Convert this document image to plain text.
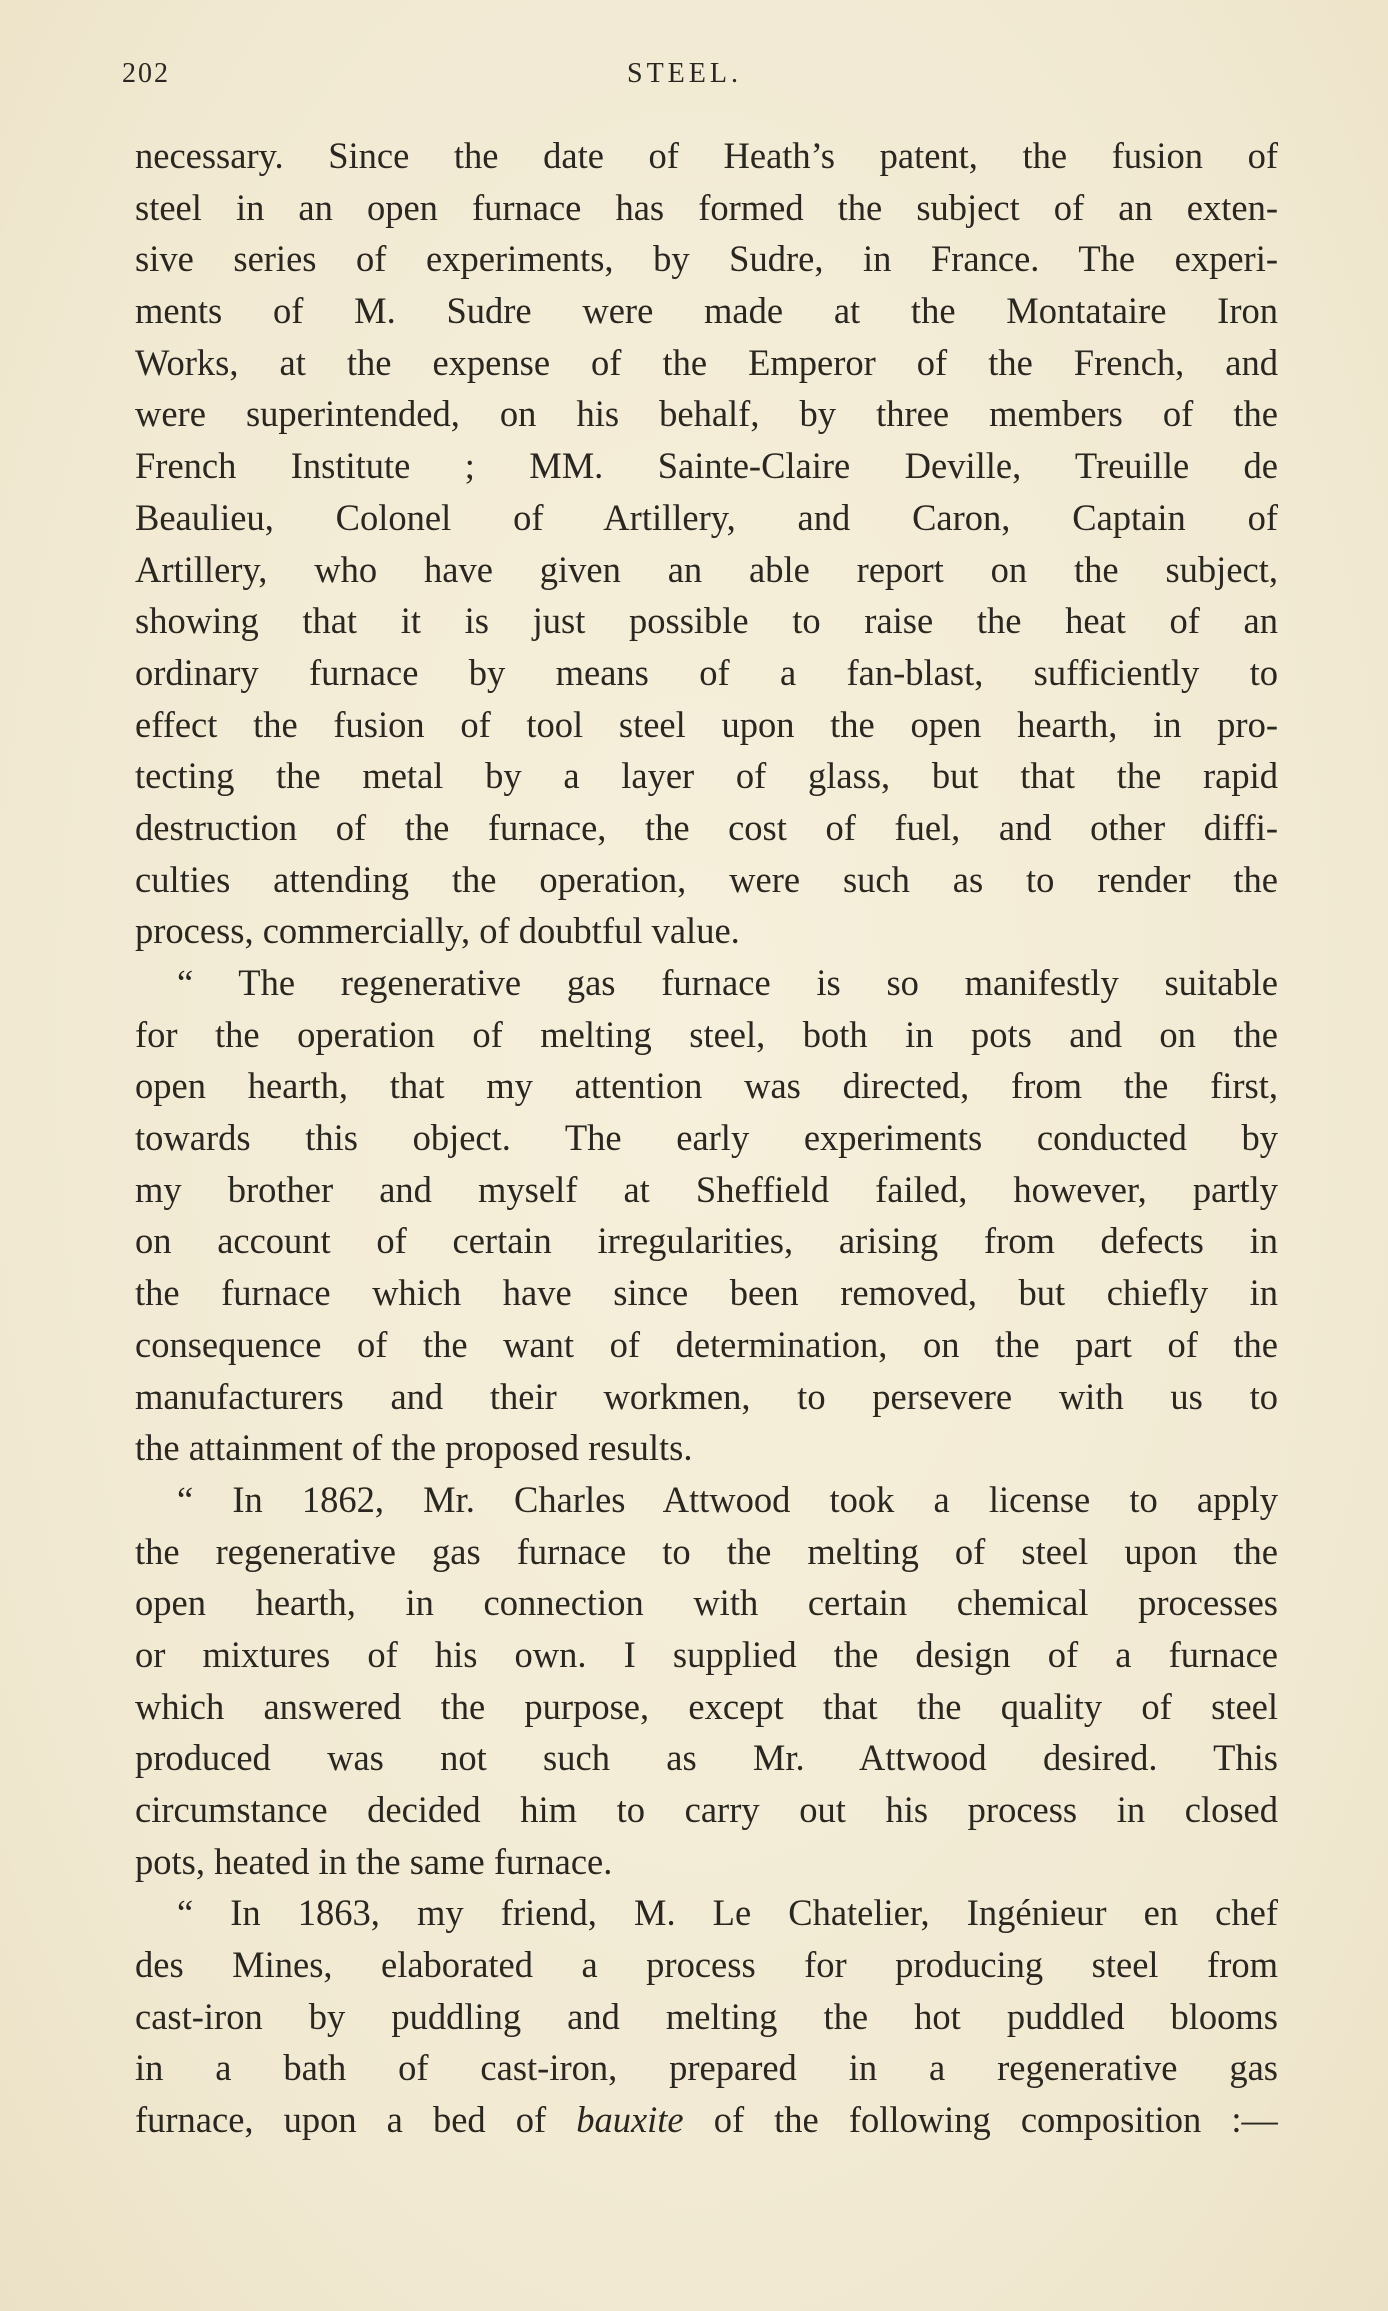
202	STEEL.
necessary. Since the date of Heath’s patent, the fusion of
steel in an open furnace has formed the subject of an exten-
sive series of experiments, by Sudre, in France. The experi-
ments of M. Sudre were made at the Montataire Iron
Works, at the expense of the Emperor of the French, and
were superintended, on his behalf, by three members of the
French Institute ; MM. Sainte-Claire Deville, Treuille de
Beaulieu, Colonel of Artillery, and Caron, Captain of
Artillery, who have given an able report on the subject,
showing that it is just possible to raise the heat of an
ordinary furnace by means of a fan-blast, sufficiently to
effect the fusion of tool steel upon the open hearth, in pro-
tecting the metal by a layer of glass, but that the rapid
destruction of the furnace, the cost of fuel, and other diffi-
culties attending the operation, were such as to render the
process, commercially, of doubtful value.
“ The regenerative gas furnace is so manifestly suitable
for the operation of melting steel, both in pots and on the
open hearth, that my attention was directed, from the first,
towards this object. The early experiments conducted by
my brother and myself at Sheffield failed, however, partly
on account of certain irregularities, arising from defects in
the furnace which have since been removed, but chiefly in
consequence of the want of determination, on the part of the
manufacturers and their workmen, to persevere with us to
the attainment of the proposed results.
“ In 1862, Mr. Charles Attwood took a license to apply
the regenerative gas furnace to the melting of steel upon the
open hearth, in connection with certain chemical processes
or mixtures of his own. I supplied the design of a furnace
which answered the purpose, except that the quality of steel
produced was not such as Mr. Attwood desired. This
circumstance decided him to carry out his process in closed
pots, heated in the same furnace.
“ In 1863, my friend, M. Le Chatelier, Ingénieur en chef
des Mines, elaborated a process for producing steel from
cast-iron by puddling and melting the hot puddled blooms
in a bath of cast-iron, prepared in a regenerative gas
furnace, upon a bed of bauxite of the following composition :—
